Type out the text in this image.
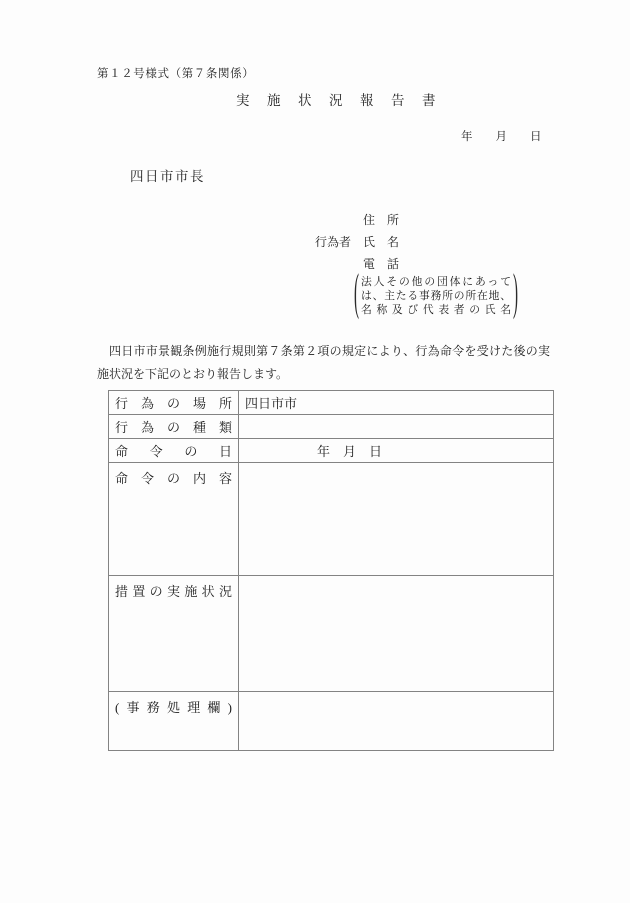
第１２号様式（第７条関係）
実　施　状　況　報　告　書
年　　月　　日
四日市市長
住　所
行為者 氏　名
電　話
( 法人その他の団体にあって
は、主たる事務所の所在地、
名称及び代表者の氏名 )
四日市市景観条例施行規則第７条第２項の規定により、行為命令を受けた後の実施状況を下記のとおり報告します。
行為の場所	四日市市
行為の種類	
命令の日	年　月　日
命令の内容	
措置の実施状況	
(事務処理欄)	
